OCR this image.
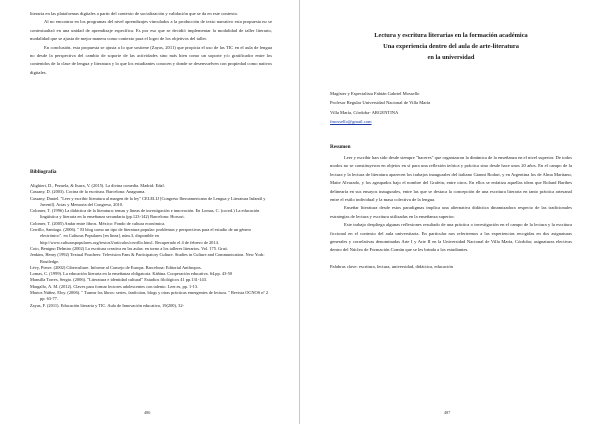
literaria en las plataformas digitales a partir del contexto de socialización y validación que se da en este contexto.

Al no encontrar en los programas del nivel aprendizajes vinculados a la producción de texto narrativo esta propuesta no se contextualizó en una unidad de aprendizaje específica. Es por eso que se decidió implementar la modalidad de taller literario, modalidad que se ajusta de mejor manera como contexto para el logro de los objetivos del taller.

En conclusión, esta propuesta se ajusta a lo que sostiene (Zayas, 2011) que propicia el uso de las TIC en el aula de lengua no desde la perspectiva del cambio de soporte de las actividades sino más bien como un soporte y/o gratificador entre los contenidos de la clase de lengua y literatura y lo que los estudiantes conocen y donde se desenvuelven con propiedad como nativos digitales.

Bibliografía

Alighieri, D., Pezuela, & Iturra, V. (2015). La divina comedia. Madrid: Edaf.

Cassany, D. (2003). Cocina de la escritura. Barcelona: Anagrama.

Cassany, Daniel. "Leer y escribir literatura al margen de la ley" CELELIJ [Congreso Iberoamericano de Lengua y Literatura Infantil y Juvenil]. Actas y Memoria del Congreso, 2010.

Colomer, T. (1996) La didáctica de la literatura: temas y líneas de investigación e innovación. En Lomas, C. (coord.) La educación lingüística y literaria en la enseñanza secundaria (pp.123-142) Barcelona: Horsori.

Colomer, T. (2005) Andar entre libros. México: Fondo de cultura económica.

Cerrillo, Santiago. (2006). " El blog como un tipo de literatura popular: problemas y perspectivas para el estudio de un género electrónico". en Culturas Populares [en línea], núm.3, disponible en http://www.culturaspopulares.org/textos3/articulos/cerrillo.htm1. Recuperado el 4 de febrero de 2014.

Coto, Benigno Delmiro (2002) La escritura creativa en las aulas: en torno a los talleres literarios. Vol. 175. Graó.

Jenkins, Henry (1992) Textual Poachers: Television Fans & Participatory Culture. Studies in Culture and Communication. New York: Routledge.

Lévy, Pierre. (2002) Ciberculture. Informe al Consejo de Europa. Barcelona: Editorial Anthropos.

Lomas, C. (1999). La educación literaria en la enseñanza obligatoria. Káñina. Cooperación educativa. 64.pp. 43-50

Mansilla Torres, Sergio. (2006). "Literatura e identidad cultural" Estudios filológicos 41 pp.131-143.

Margallo, A. M. (2012). Claves para formar lectores adolescentes con talento. Leer.es, pp. 1-13.

Martos Núñez, Eloy. (2006). " Tunear los libros: series, fanfiction, blogs y otras prácticas emergentes de lectura. " Revista OCNOS nº 2 pp. 63-77.

Zayas, F. (2011). Educación literaria y TIC. Aula de Innovación educativa, 19(200), 32-

486
Lectura y escritura literarias en la formación académica
Una experiencia dentro del aula de arte-literatura
en la universidad

Magíster y Especialista Fabián Gabriel Mossello

Profesor Regular Universidad Nacional de Villa María

Villa María, Córdoba- ARGENTINA

fmossello@gmail.com

Resumen

Leer y escribir han sido desde siempre "haceres" que organizaron la dinámica de la enseñanza en el nivel superior. De todos modos no se constituyeron en objetos en sí para una reflexión teórica y práctica sino desde hace unos 20 años. En el campo de la lectura y la lectura de literatura aparecen los trabajos inaugurales del italiano Gianni Rodari, y en Argentina los de Alma Maritano, Maite Alvarado, y los agrupados bajo el nombre del Grafein, entre otros. En ellos se enfatiza aquellas ideas que Roland Barthes delinearía en sus ensayos inaugurales, entre las que se destaca la concepción de una escritura literaria en tanto práctica artesanal entre el estilo individual y la masa colectiva de la lengua.

Enseñar literatura desde estos paradigmas implica una alternativa didáctica dinamizadora respecto de las tradicionales estrategias de lectura y escritura utilizadas en la enseñanza superior.

Este trabajo despliega algunas reflexiones resultado de una práctica o investigación en el campo de la lectura y la escritura ficcional en el contexto del aula universitaria. En particular nos referiremos a las experiencias recogidas en dos asignaturas generales y correlativas denominadas Arte I y Arte II en la Universidad Nacional de Villa María, Córdoba; asignaturas electivas dentro del Núcleo de Formación Común que se les brinda a los estudiantes.

Palabras clave: escritura, lectura, universidad, didáctica, educación

487
